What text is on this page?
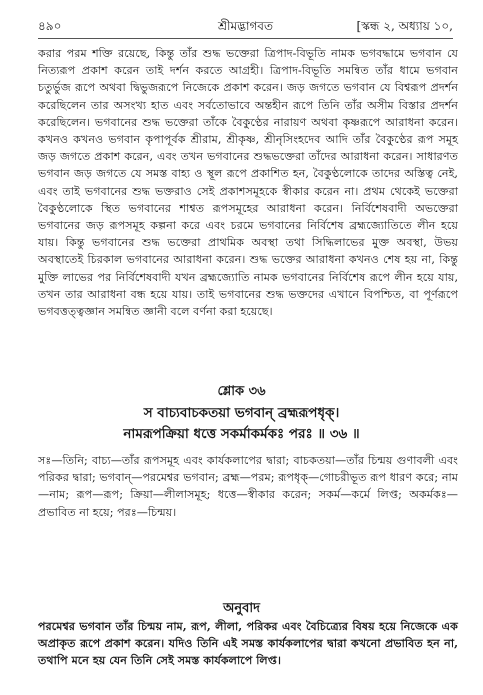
৪৯০	শ্রীমদ্ভাগবত	[স্কন্ধ ২, অধ্যায় ১০,

করার পরম শক্তি রয়েছে, কিন্তু তাঁর শুদ্ধ ভক্তেরা ত্রিপাদ-বিভূতি নামক ভগবদ্ধামে ভগবান যে নিত্যরূপ প্রকাশ করেন তাই দর্শন করতে আগ্রহী। ত্রিপাদ-বিভূতি সমন্বিত তাঁর ধামে ভগবান চতুর্ভুজ রূপে অথবা দ্বিভুজরূপে নিজেকে প্রকাশ করেন। জড় জগতে ভগবান যে বিশ্বরূপ প্রদর্শন করেছিলেন তার অসংখ্য হাত এবং সর্বতোভাবে অন্তহীন রূপে তিনি তাঁর অসীম বিস্তার প্রদর্শন করেছিলেন। ভগবানের শুদ্ধ ভক্তেরা তাঁকে বৈকুণ্ঠের নারায়ণ অথবা কৃষ্ণরূপে আরাধনা করেন। কখনও কখনও ভগবান কৃপাপূর্বক শ্রীরাম, শ্রীকৃষ্ণ, শ্রীনৃসিংহদেব আদি তাঁর বৈকুণ্ঠের রূপ সমূহ জড় জগতে প্রকাশ করেন, এবং তখন ভগবানের শুদ্ধভক্তেরা তাঁদের আরাধনা করেন। সাধারণত ভগবান জড় জগতে যে সমস্ত বাহ্য ও স্থূল রূপে প্রকাশিত হন, বৈকুণ্ঠলোকে তাদের অস্তিত্ব নেই, এবং তাই ভগবানের শুদ্ধ ভক্তরাও সেই প্রকাশসমূহকে স্বীকার করেন না। প্রথম থেকেই ভক্তেরা বৈকুণ্ঠলোকে স্থিত ভগবানের শাশ্বত রূপসমূহের আরাধনা করেন। নির্বিশেষবাদী অভক্তেরা ভগবানের জড় রূপসমূহ কল্পনা করে এবং চরমে ভগবানের নির্বিশেষ ব্রহ্মজ্যোতিতে লীন হয়ে যায়। কিন্তু ভগবানের শুদ্ধ ভক্তেরা প্রাথমিক অবস্থা তথা সিদ্ধিলাভের মুক্ত অবস্থা, উভয় অবস্থাতেই চিরকাল ভগবানের আরাধনা করেন। শুদ্ধ ভক্তের আরাধনা কখনও শেষ হয় না, কিন্তু মুক্তি লাভের পর নির্বিশেষবাদী যখন ব্রহ্মজ্যোতি নামক ভগবানের নির্বিশেষ রূপে লীন হয়ে যায়, তখন তার আরাধনা বন্ধ হয়ে যায়। তাই ভগবানের শুদ্ধ ভক্তদের এখানে বিপশ্চিত, বা পূর্ণরূপে ভগবত্তত্ত্বজ্ঞান সমন্বিত জ্ঞানী বলে বর্ণনা করা হয়েছে।

শ্লোক ৩৬
স বাচ্যবাচকতয়া ভগবান্ ব্রহ্মরূপধৃক্।
নামরূপক্রিয়া ধত্তে সকর্মাকর্মকঃ পরঃ ॥ ৩৬ ॥

সঃ—তিনি; বাচ্য—তাঁর রূপসমূহ এবং কার্যকলাপের দ্বারা; বাচকতয়া—তাঁর চিন্ময় গুণাবলী এবং পরিকর দ্বারা; ভগবান্—পরমেশ্বর ভগবান; ব্রহ্ম—পরম; রূপধৃক্—গোচরীভূত রূপ ধারণ করে; নাম—নাম; রূপ—রূপ; ক্রিয়া—লীলাসমূহ; ধত্তে—স্বীকার করেন; সকর্ম—কর্মে লিপ্ত; অকর্মকঃ—প্রভাবিত না হয়ে; পরঃ—চিন্ময়।

অনুবাদ

পরমেশ্বর ভগবান তাঁর চিন্ময় নাম, রূপ, লীলা, পরিকর এবং বৈচিত্র্যের বিষয় হয়ে নিজেকে এক অপ্রাকৃত রূপে প্রকাশ করেন। যদিও তিনি এই সমস্ত কার্যকলাপের দ্বারা কখনো প্রভাবিত হন না, তথাপি মনে হয় যেন তিনি সেই সমস্ত কার্যকলাপে লিপ্ত।
